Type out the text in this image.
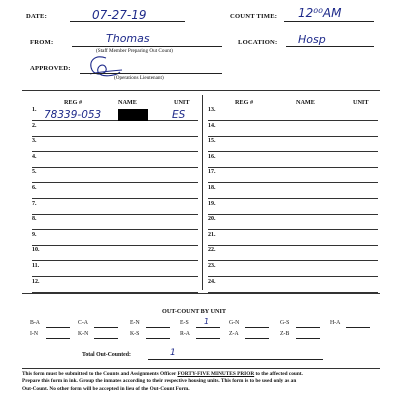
DATE:	07-27-19	COUNT TIME: 12⁰⁰AM
FROM:	Thomas
(Staff Member Preparing Out Count)
LOCATION: Hosp
APPROVED:
(Operations Lieutenant)
REG #	NAME	UNIT	REG #	NAME	UNIT
1. 78339-053	ES
2.
3.
4.
5.
6.
7.
8.
9.
10.
11.
12.
13.
14.
15.
16.
17.
18.
19.
20.
21.
22.
23.
24.
OUT-COUNT BY UNIT
B-A	C-A	E-N	E-S 1	G-N	G-S	H-A
I-N	K-N	K-S	R-A	Z-A	Z-B
Total Out-Counted:	1
This form must be submitted to the Counts and Assignments Officer FORTY-FIVE MINUTES PRIOR to the affected count.
Prepare this form in ink. Group the inmates according to their respective housing units. This form is to be used only as an
Out-Count. No other form will be accepted in lieu of the Out-Count Form.
